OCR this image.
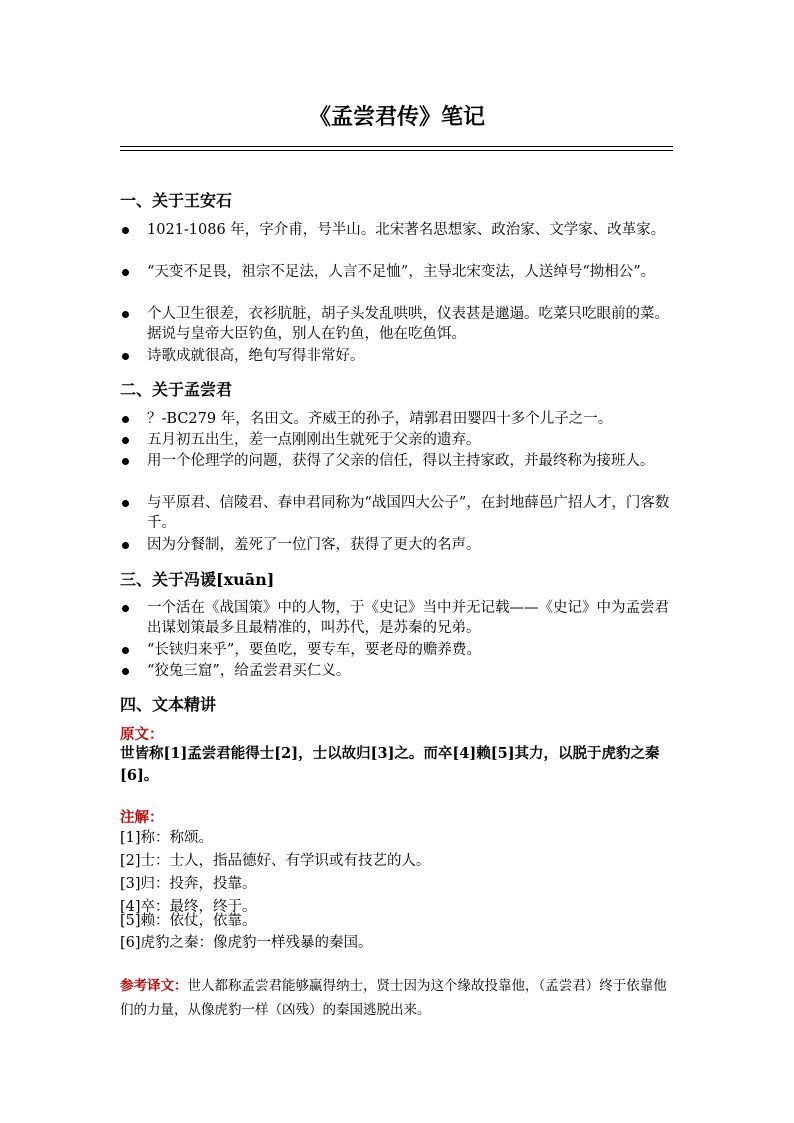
《孟尝君传》笔记
一、关于王安石
1021-1086 年，字介甫，号半山。北宋著名思想家、政治家、文学家、改革家。
“天变不足畏，祖宗不足法，人言不足恤”，主导北宋变法，人送绰号“拗相公”。
个人卫生很差，衣衫肮脏，胡子头发乱哄哄，仪表甚是邋遢。吃菜只吃眼前的菜。据说与皇帝大臣钓鱼，别人在钓鱼，他在吃鱼饵。
诗歌成就很高，绝句写得非常好。
二、关于孟尝君
？-BC279 年，名田文。齐威王的孙子，靖郭君田婴四十多个儿子之一。
五月初五出生，差一点刚刚出生就死于父亲的遗弃。
用一个伦理学的问题，获得了父亲的信任，得以主持家政，并最终称为接班人。
与平原君、信陵君、春申君同称为“战国四大公子”，在封地薛邑广招人才，门客数千。
因为分餐制，羞死了一位门客，获得了更大的名声。
三、关于冯谖[xuān]
一个活在《战国策》中的人物，于《史记》当中并无记载——《史记》中为孟尝君出谋划策最多且最精准的，叫苏代，是苏秦的兄弟。
“长铗归来乎”，要鱼吃，要专车，要老母的赡养费。
“狡兔三窟”，给孟尝君买仁义。
四、文本精讲
原文：
世皆称[1]孟尝君能得士[2]，士以故归[3]之。而卒[4]赖[5]其力，以脱于虎豹之秦[6]。
注解：
[1]称：称颂。
[2]士：士人，指品德好、有学识或有技艺的人。
[3]归：投奔，投靠。
[4]卒：最终，终于。
[5]赖：依仗，依靠。
[6]虎豹之秦：像虎豹一样残暴的秦国。
参考译文：世人都称孟尝君能够赢得纳士，贤士因为这个缘故投靠他，（孟尝君）终于依靠他们的力量，从像虎豹一样（凶残）的秦国逃脱出来。
